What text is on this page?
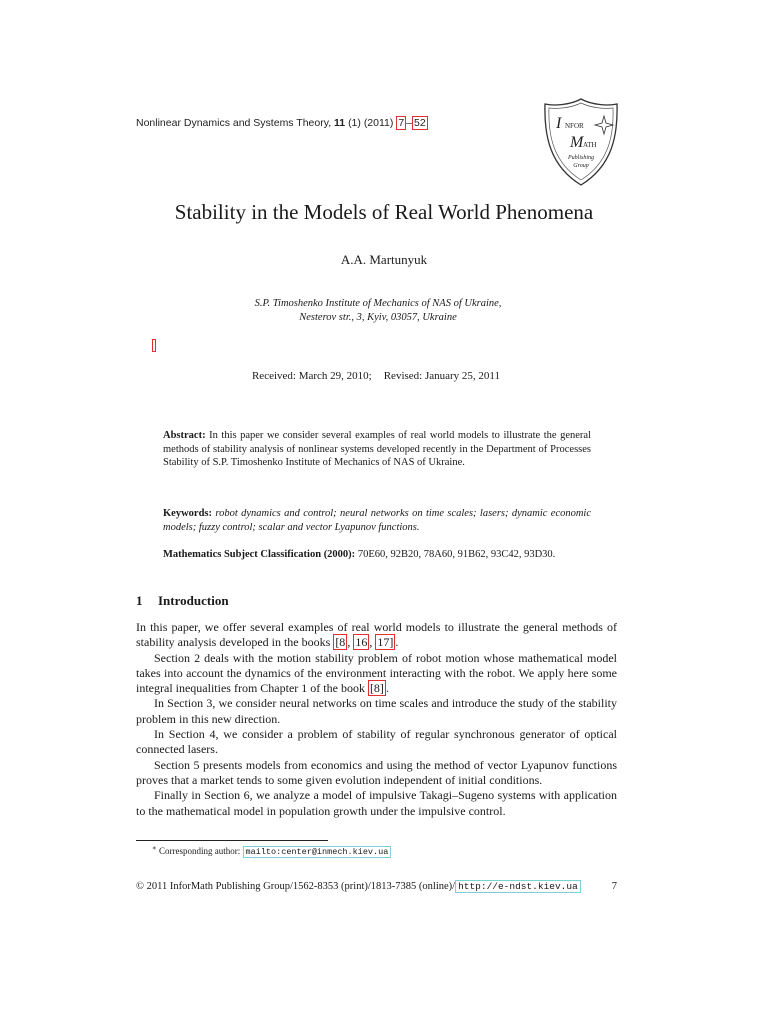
Nonlinear Dynamics and Systems Theory, 11 (1) (2011) 7 – 52	I NFOR
M ATH
Publishing
Group
Stability in the Models of Real World Phenomena
A.A. Martunyuk
S.P. Timoshenko Institute of Mechanics of NAS of Ukraine,
Nesterov str., 3, Kyiv, 03057, Ukraine
Received: March 29, 2010; Revised: January 25, 2011
Abstract: In this paper we consider several examples of real world models to illustrate the general methods of stability analysis of nonlinear systems developed recently in the Department of Processes Stability of S.P. Timoshenko Institute of Mechanics of NAS of Ukraine.
Keywords: robot dynamics and control; neural networks on time scales; lasers; dynamic economic models; fuzzy control; scalar and vector Lyapunov functions.
Mathematics Subject Classification (2000): 70E60, 92B20, 78A60, 91B62, 93C42, 93D30.
1 Introduction

In this paper, we offer several examples of real world models to illustrate the general methods of stability analysis developed in the books [8 , 16 , 17] .

Section 2 deals with the motion stability problem of robot motion whose mathematical model takes into account the dynamics of the environment interacting with the robot. We apply here some integral inequalities from Chapter 1 of the book [8] .

In Section 3, we consider neural networks on time scales and introduce the study of the stability problem in this new direction.

In Section 4, we consider a problem of stability of regular synchronous generator of optical connected lasers.

Section 5 presents models from economics and using the method of vector Lyapunov functions proves that a market tends to some given evolution independent of initial conditions.

Finally in Section 6, we analyze a model of impulsive Takagi–Sugeno systems with application to the mathematical model in population growth under the impulsive control.

∗ Corresponding author: mailto:center@inmech.kiev.ua
© 2011 InforMath Publishing Group/1562-8353 (print)/1813-7385 (online)/ http://e-ndst.kiev.ua	7
